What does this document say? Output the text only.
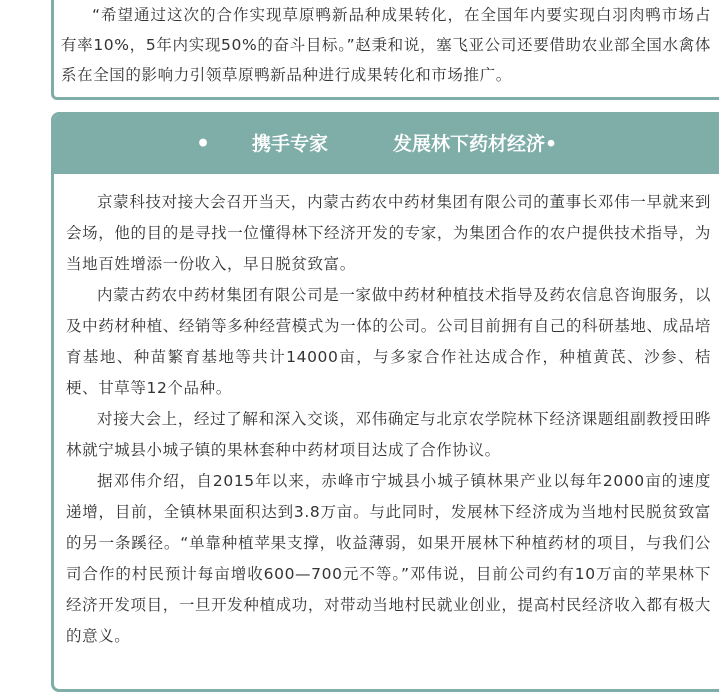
“希望通过这次的合作实现草原鸭新品种成果转化，在全国年内要实现白羽肉鸭市场占有率10%，5年内实现50%的奋斗目标。”赵秉和说，塞飞亚公司还要借助农业部全国水禽体系在全国的影响力引领草原鸭新品种进行成果转化和市场推广。

• 携手专家	发展林下药材经济•

京蒙科技对接大会召开当天，内蒙古药农中药材集团有限公司的董事长邓伟一早就来到会场，他的目的是寻找一位懂得林下经济开发的专家，为集团合作的农户提供技术指导，为当地百姓增添一份收入，早日脱贫致富。

内蒙古药农中药材集团有限公司是一家做中药材种植技术指导及药农信息咨询服务，以及中药材种植、经销等多种经营模式为一体的公司。公司目前拥有自己的科研基地、成品培育基地、种苗繁育基地等共计14000亩，与多家合作社达成合作，种植黄芪、沙参、桔梗、甘草等12个品种。

对接大会上，经过了解和深入交谈，邓伟确定与北京农学院林下经济课题组副教授田晔林就宁城县小城子镇的果林套种中药材项目达成了合作协议。

据邓伟介绍，自2015年以来，赤峰市宁城县小城子镇林果产业以每年2000亩的速度递增，目前，全镇林果面积达到3.8万亩。与此同时，发展林下经济成为当地村民脱贫致富的另一条蹊径。“单靠种植苹果支撑，收益薄弱，如果开展林下种植药材的项目，与我们公司合作的村民预计每亩增收600—700元不等。”邓伟说，目前公司约有10万亩的苹果林下经济开发项目，一旦开发种植成功，对带动当地村民就业创业，提高村民经济收入都有极大的意义。
